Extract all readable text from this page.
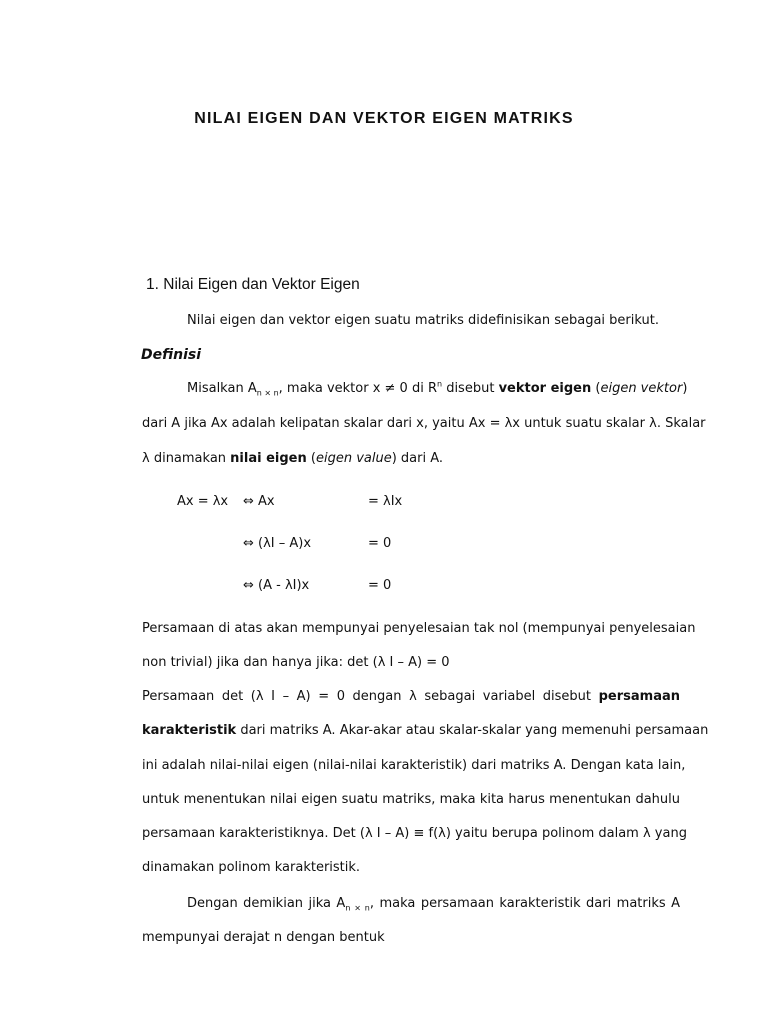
NILAI EIGEN DAN VEKTOR EIGEN MATRIKS
1. Nilai Eigen dan Vektor Eigen
Nilai eigen dan vektor eigen suatu matriks didefinisikan sebagai berikut.
Definisi
Misalkan $A_{n \times n}$, maka vektor x ≠ 0 di $R^n$ disebut vektor eigen (eigen vektor)
dari A jika Ax adalah kelipatan skalar dari x, yaitu Ax = λx untuk suatu skalar λ. Skalar
λ dinamakan nilai eigen (eigen value) dari A.
Ax = λx ⇔ Ax	= λIx
⇔ (λI – A)x	= 0
⇔ (A - λI)x	= 0
Persamaan di atas akan mempunyai penyelesaian tak nol (mempunyai penyelesaian
non trivial) jika dan hanya jika: det (λ I – A) = 0
Persamaan det (λ I – A) = 0 dengan λ sebagai variabel disebut persamaan
karakteristik dari matriks A. Akar-akar atau skalar-skalar yang memenuhi persamaan
ini adalah nilai-nilai eigen (nilai-nilai karakteristik) dari matriks A. Dengan kata lain,
untuk menentukan nilai eigen suatu matriks, maka kita harus menentukan dahulu
persamaan karakteristiknya. Det (λ I – A) ≡ f(λ) yaitu berupa polinom dalam λ yang
dinamakan polinom karakteristik.
Dengan demikian jika $A_{n \times n}$, maka persamaan karakteristik dari matriks A
mempunyai derajat n dengan bentuk
